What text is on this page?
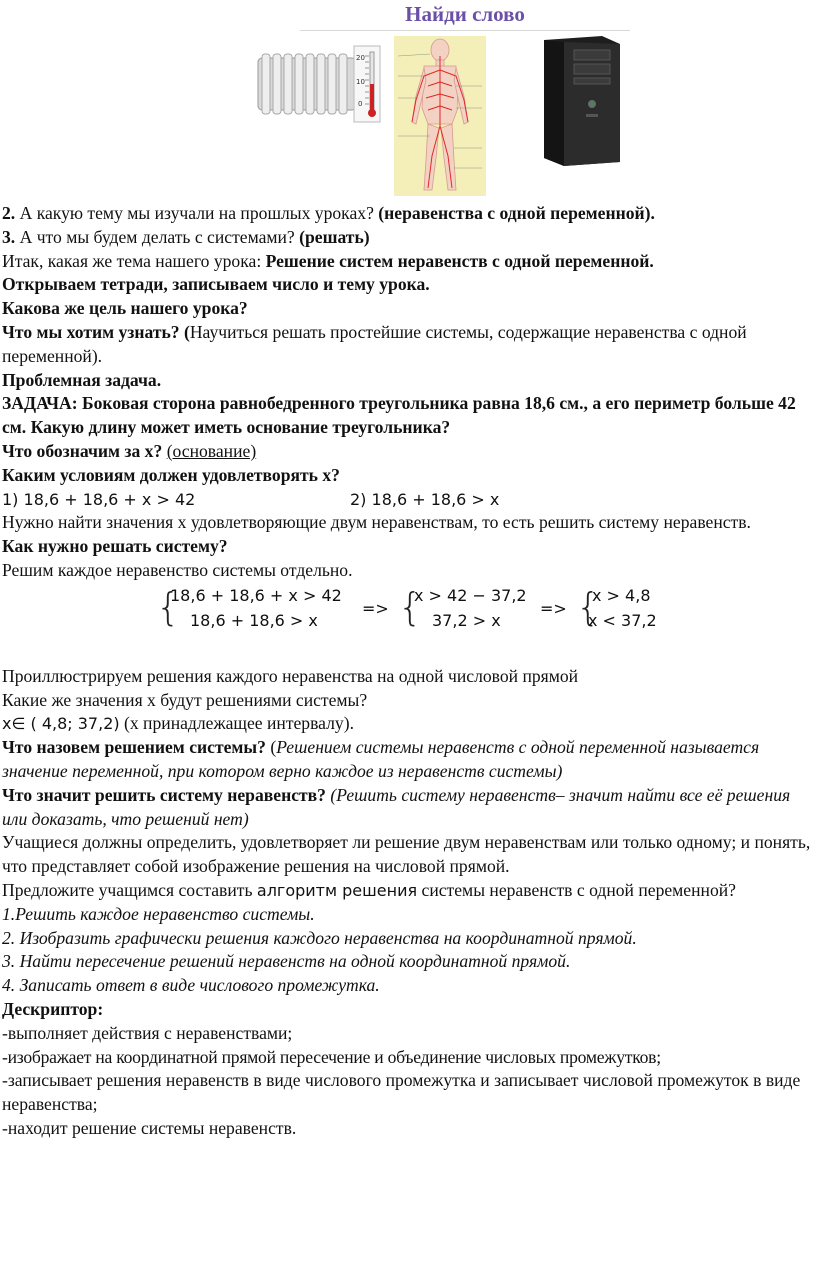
Найди слово
20
10
0

2. А какую тему мы изучали на прошлых уроках? (неравенства с одной переменной).

3. А что мы будем делать с системами? (решать)

Итак, какая же тема нашего урока: Решение систем неравенств с одной переменной.

Открываем тетради, записываем число и тему урока.

Какова же цель нашего урока?

Что мы хотим узнать? (Научиться решать простейшие системы, содержащие неравенства с одной переменной).

Проблемная задача.

ЗАДАЧА: Боковая сторона равнобедренного треугольника равна 18,6 см., а его периметр больше 42 см. Какую длину может иметь основание треугольника?

Что обозначим за х? (основание)

Каким условиям должен удовлетворять х?

1) 18,6 + 18,6 + x > 42	2) 18,6 + 18,6 > x

Нужно найти значения х удовлетворяющие двум неравенствам, то есть решить систему неравенств.

Как нужно решать систему?

Решим каждое неравенство системы отдельно.

{
18,6 + 18,6 + x > 42
18,6 + 18,6 > x
=> {
x > 42 − 37,2
37,2 > x
=> {
x > 4,8
x < 37,2

Проиллюстрируем решения каждого неравенства на одной числовой прямой

Какие же значения х будут решениями системы?

x∈ ( 4,8; 37,2) (х принадлежащее интервалу).

Что назовем решением системы? (Решением системы неравенств с одной переменной называется значение переменной, при котором верно каждое из неравенств системы)

Что значит решить систему неравенств? (Решить систему неравенств– значит найти все её решения или доказать, что решений нет)

Учащиеся должны определить, удовлетворяет ли решение двум неравенствам или только одному; и понять, что представляет собой изображение решения на числовой прямой.

Предложите учащимся составить алгоритм решения системы неравенств с одной переменной?

1.Решить каждое неравенство системы.

2. Изобразить графически решения каждого неравенства на координатной прямой.

3. Найти пересечение решений неравенств на одной координатной прямой.

4. Записать ответ в виде числового промежутка.

Дескриптор:

-выполняет действия с неравенствами;

-изображает на координатной прямой пересечение и объединение числовых промежутков;

-записывает решения неравенств в виде числового промежутка и записывает числовой промежуток в виде неравенства;

-находит решение системы неравенств.
